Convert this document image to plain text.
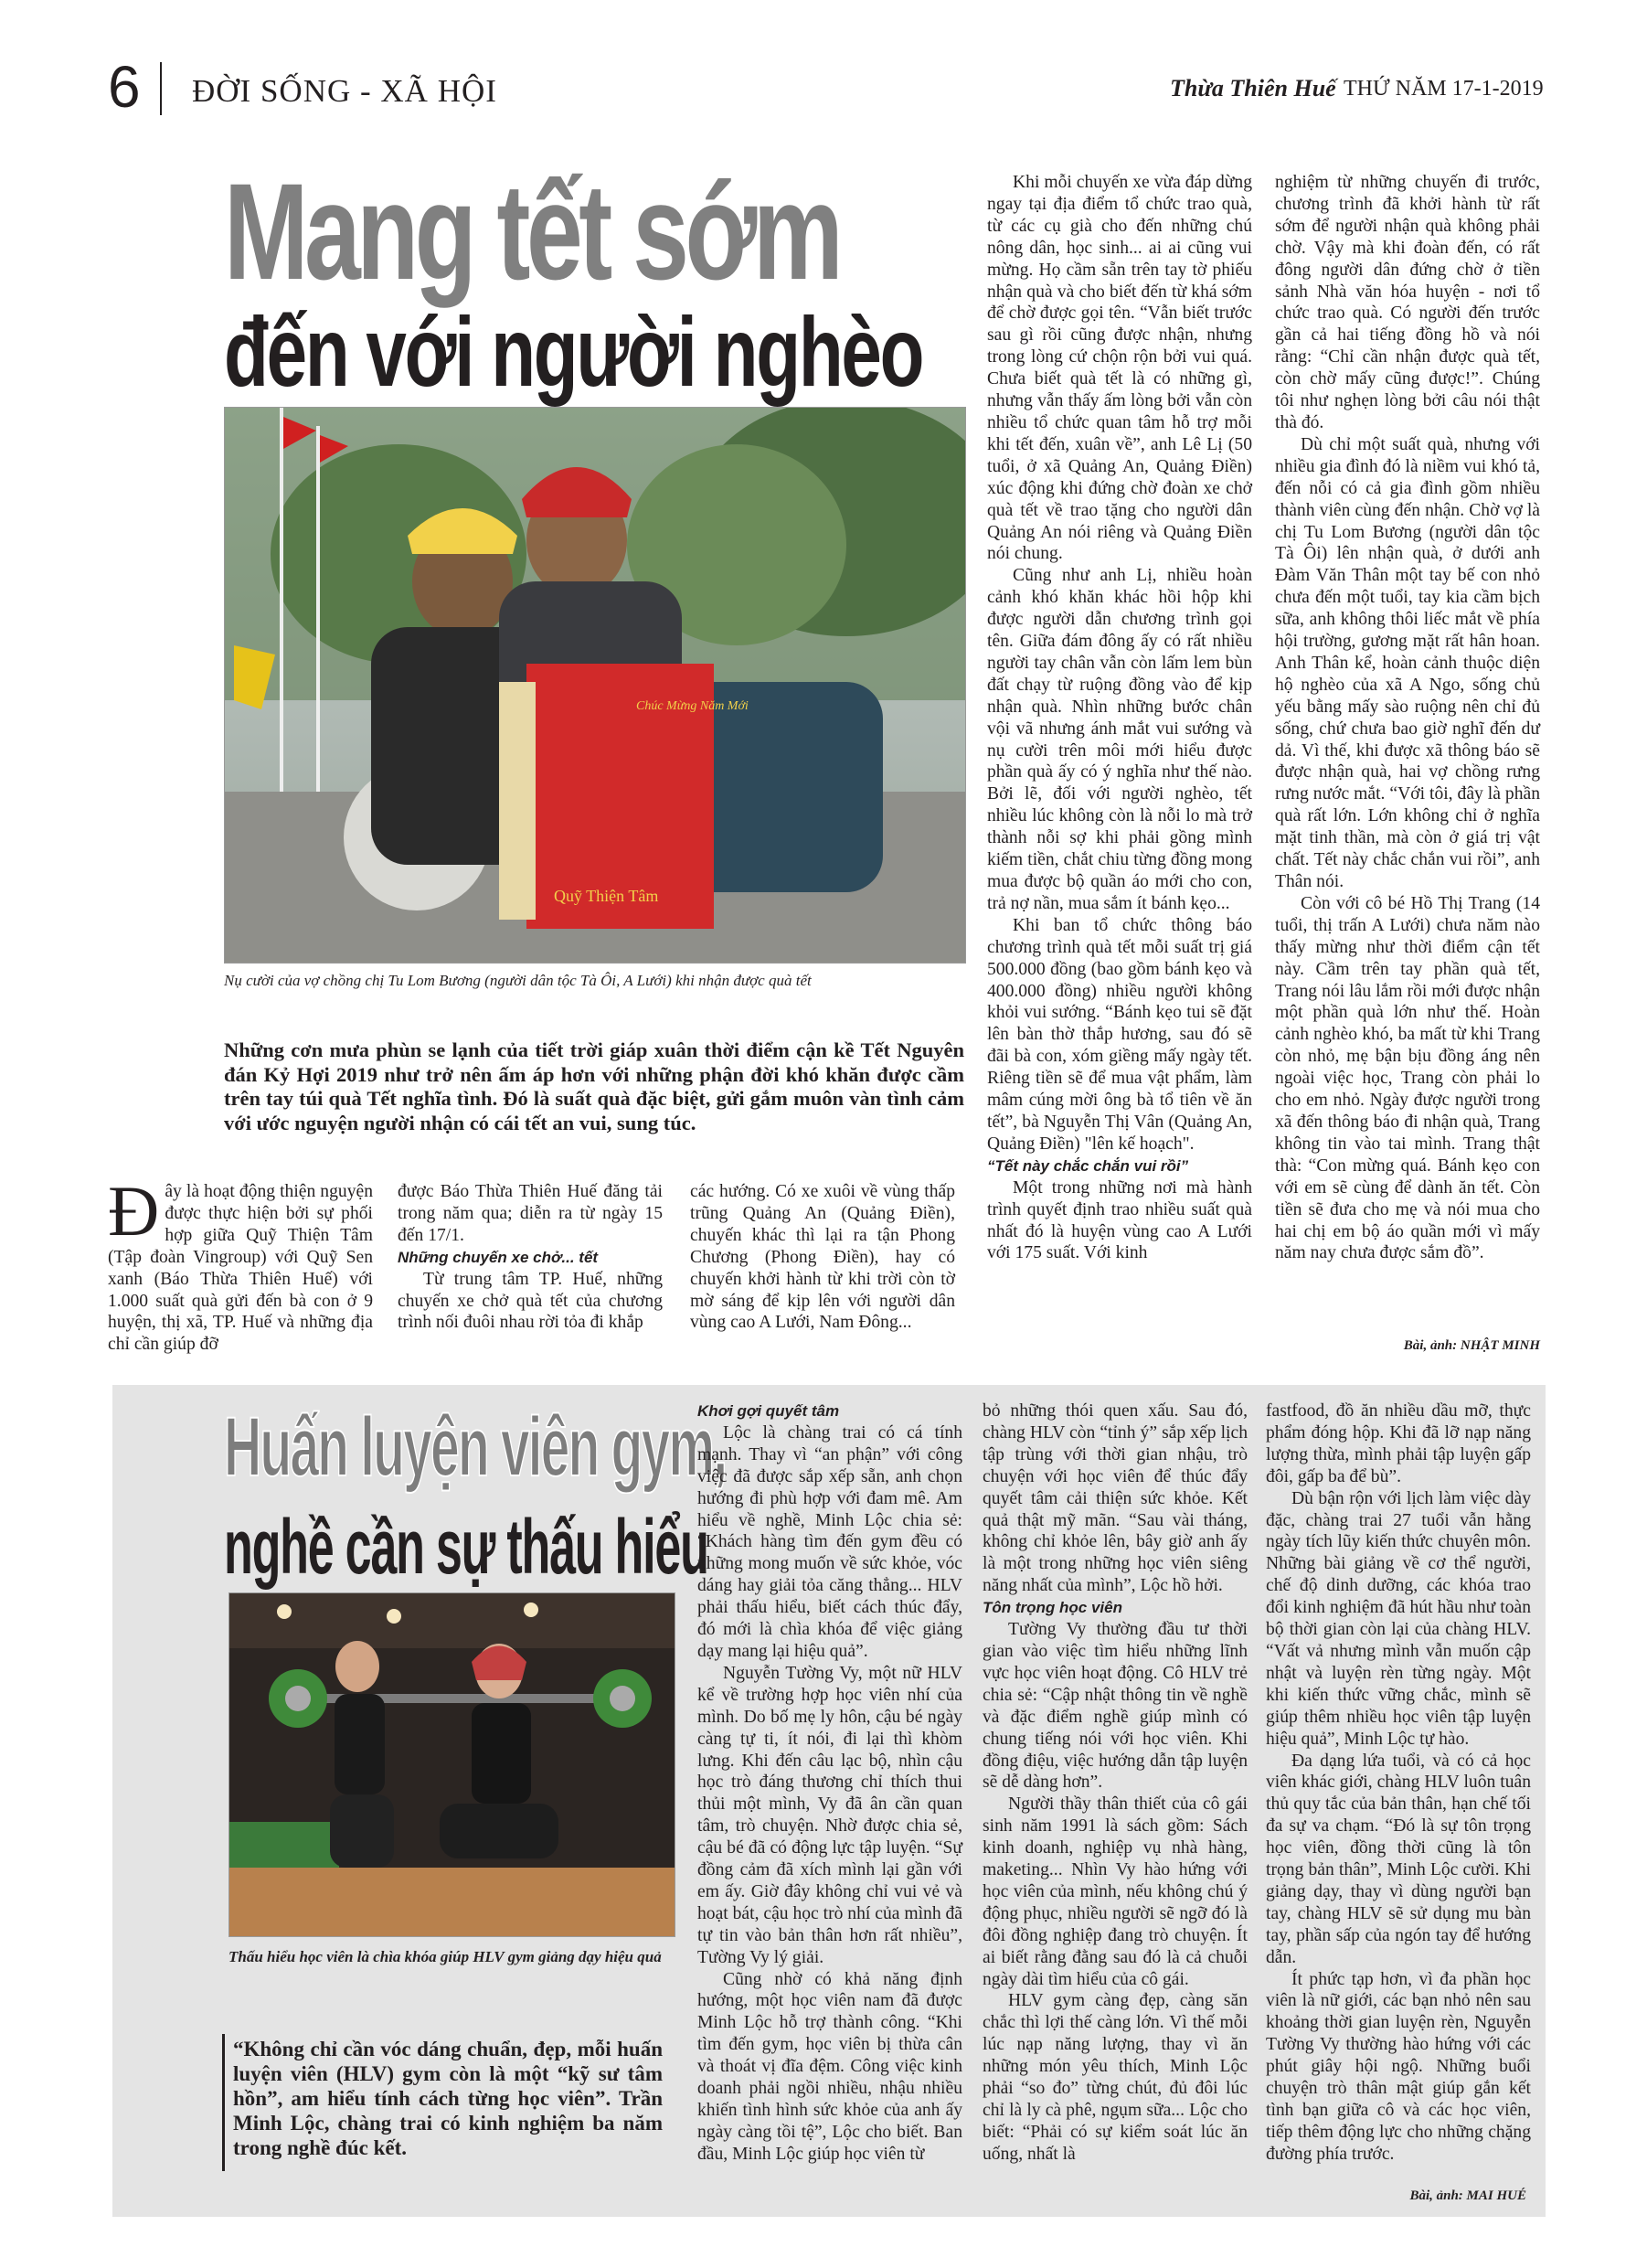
6 ĐỜI SỐNG - XÃ HỘI	Thừa Thiên Huế THỨ NĂM 17-1-2019
Mang tết sớm
đến với người nghèo
Quỹ Thiện Tâm
Chúc Mừng Năm Mới
Nụ cười của vợ chồng chị Tu Lom Bương (người dân tộc Tà Ôi, A Lưới) khi nhận được quà tết
Những cơn mưa phùn se lạnh của tiết trời giáp xuân thời điểm cận kề Tết Nguyên đán Kỷ Hợi 2019 như trở nên ấm áp hơn với những phận đời khó khăn được cầm trên tay túi quà Tết nghĩa tình. Đó là suất quà đặc biệt, gửi gắm muôn vàn tình cảm với ước nguyện người nhận có cái tết an vui, sung túc.

Đây là hoạt động thiện nguyện được thực hiện bởi sự phối hợp giữa Quỹ Thiện Tâm (Tập đoàn Vingroup) với Quỹ Sen xanh (Báo Thừa Thiên Huế) với 1.000 suất quà gửi đến bà con ở 9 huyện, thị xã, TP. Huế và những địa chỉ cần giúp đỡ

được Báo Thừa Thiên Huế đăng tải trong năm qua; diễn ra từ ngày 15 đến 17/1.

Những chuyến xe chở... tết

Từ trung tâm TP. Huế, những chuyến xe chở quà tết của chương trình nối đuôi nhau rời tỏa đi khắp

các hướng. Có xe xuôi về vùng thấp trũng Quảng An (Quảng Điền), chuyến khác thì lại ra tận Phong Chương (Phong Điền), hay có chuyến khởi hành từ khi trời còn tờ mờ sáng để kịp lên với người dân vùng cao A Lưới, Nam Đông...

Khi mỗi chuyến xe vừa đáp dừng ngay tại địa điểm tổ chức trao quà, từ các cụ già cho đến những chú nông dân, học sinh... ai ai cũng vui mừng. Họ cầm sẵn trên tay tờ phiếu nhận quà và cho biết đến từ khá sớm để chờ được gọi tên. “Vẫn biết trước sau gì rồi cũng được nhận, nhưng trong lòng cứ chộn rộn bởi vui quá. Chưa biết quà tết là có những gì, nhưng vẫn thấy ấm lòng bởi vẫn còn nhiều tổ chức quan tâm hỗ trợ mỗi khi tết đến, xuân về”, anh Lê Lị (50 tuổi, ở xã Quảng An, Quảng Điền) xúc động khi đứng chờ đoàn xe chở quà tết về trao tặng cho người dân Quảng An nói riêng và Quảng Điền nói chung.

Cũng như anh Lị, nhiều hoàn cảnh khó khăn khác hồi hộp khi được người dẫn chương trình gọi tên. Giữa đám đông ấy có rất nhiều người tay chân vẫn còn lấm lem bùn đất chạy từ ruộng đồng vào để kịp nhận quà. Nhìn những bước chân vội vã nhưng ánh mắt vui sướng và nụ cười trên môi mới hiểu được phần quà ấy có ý nghĩa như thế nào. Bởi lẽ, đối với người nghèo, tết nhiều lúc không còn là nỗi lo mà trở thành nỗi sợ khi phải gồng mình kiếm tiền, chắt chiu từng đồng mong mua được bộ quần áo mới cho con, trả nợ nần, mua sắm ít bánh kẹo...

Khi ban tổ chức thông báo chương trình quà tết mỗi suất trị giá 500.000 đồng (bao gồm bánh kẹo và 400.000 đồng) nhiều người không khỏi vui sướng. “Bánh kẹo tui sẽ đặt lên bàn thờ thắp hương, sau đó sẽ đãi bà con, xóm giềng mấy ngày tết. Riêng tiền sẽ để mua vật phẩm, làm mâm cúng mời ông bà tổ tiên về ăn tết”, bà Nguyễn Thị Vân (Quảng An, Quảng Điền) "lên kế hoạch".

“Tết này chắc chắn vui rồi”

Một trong những nơi mà hành trình quyết định trao nhiều suất quà nhất đó là huyện vùng cao A Lưới với 175 suất. Với kinh

nghiệm từ những chuyến đi trước, chương trình đã khởi hành từ rất sớm để người nhận quà không phải chờ. Vậy mà khi đoàn đến, có rất đông người dân đứng chờ ở tiền sảnh Nhà văn hóa huyện - nơi tổ chức trao quà. Có người đến trước gần cả hai tiếng đồng hồ và nói rằng: “Chỉ cần nhận được quà tết, còn chờ mấy cũng được!”. Chúng tôi như nghẹn lòng bởi câu nói thật thà đó.

Dù chỉ một suất quà, nhưng với nhiều gia đình đó là niềm vui khó tả, đến nỗi có cả gia đình gồm nhiều thành viên cùng đến nhận. Chờ vợ là chị Tu Lom Bương (người dân tộc Tà Ôi) lên nhận quà, ở dưới anh Đàm Văn Thân một tay bế con nhỏ chưa đến một tuổi, tay kia cầm bịch sữa, anh không thôi liếc mắt về phía hội trường, gương mặt rất hân hoan. Anh Thân kể, hoàn cảnh thuộc diện hộ nghèo của xã A Ngo, sống chủ yếu bằng mấy sào ruộng nên chỉ đủ sống, chứ chưa bao giờ nghĩ đến dư dả. Vì thế, khi được xã thông báo sẽ được nhận quà, hai vợ chồng rưng rưng nước mắt. “Với tôi, đây là phần quà rất lớn. Lớn không chỉ ở nghĩa mặt tinh thần, mà còn ở giá trị vật chất. Tết này chắc chắn vui rồi”, anh Thân nói.

Còn với cô bé Hồ Thị Trang (14 tuổi, thị trấn A Lưới) chưa năm nào thấy mừng như thời điểm cận tết này. Cầm trên tay phần quà tết, Trang nói lâu lắm rồi mới được nhận một phần quà lớn như thế. Hoàn cảnh nghèo khó, ba mất từ khi Trang còn nhỏ, mẹ bận bịu đồng áng nên ngoài việc học, Trang còn phải lo cho em nhỏ. Ngày được người trong xã đến thông báo đi nhận quà, Trang không tin vào tai mình. Trang thật thà: “Con mừng quá. Bánh kẹo con với em sẽ cùng để dành ăn tết. Còn tiền sẽ đưa cho mẹ và nói mua cho hai chị em bộ áo quần mới vì mấy năm nay chưa được sắm đồ”.

Bài, ảnh: NHẬT MINH
Huấn luyện viên gym,
nghề cần sự thấu hiểu
Thấu hiểu học viên là chìa khóa giúp HLV gym giảng dạy hiệu quả
“Không chỉ cần vóc dáng chuẩn, đẹp, mỗi huấn luyện viên (HLV) gym còn là một “kỹ sư tâm hồn”, am hiểu tính cách từng học viên”. Trần Minh Lộc, chàng trai có kinh nghiệm ba năm trong nghề đúc kết.

Khơi gợi quyết tâm

Lộc là chàng trai có cá tính mạnh. Thay vì “an phận” với công việc đã được sắp xếp sẵn, anh chọn hướng đi phù hợp với đam mê. Am hiểu về nghề, Minh Lộc chia sẻ: “Khách hàng tìm đến gym đều có những mong muốn về sức khỏe, vóc dáng hay giải tỏa căng thẳng... HLV phải thấu hiểu, biết cách thúc đẩy, đó mới là chìa khóa để việc giảng dạy mang lại hiệu quả”.

Nguyễn Tường Vy, một nữ HLV kể về trường hợp học viên nhí của mình. Do bố mẹ ly hôn, cậu bé ngày càng tự ti, ít nói, đi lại thì khòm lưng. Khi đến câu lạc bộ, nhìn cậu học trò đáng thương chỉ thích thui thủi một mình, Vy đã ân cần quan tâm, trò chuyện. Nhờ được chia sẻ, cậu bé đã có động lực tập luyện. “Sự đồng cảm đã xích mình lại gần với em ấy. Giờ đây không chỉ vui vẻ và hoạt bát, cậu học trò nhí của mình đã tự tin vào bản thân hơn rất nhiều”, Tường Vy lý giải.

Cũng nhờ có khả năng định hướng, một học viên nam đã được Minh Lộc hỗ trợ thành công. “Khi tìm đến gym, học viên bị thừa cân và thoát vị đĩa đệm. Công việc kinh doanh phải ngồi nhiều, nhậu nhiều khiến tình hình sức khỏe của anh ấy ngày càng tồi tệ”, Lộc cho biết. Ban đầu, Minh Lộc giúp học viên từ

bỏ những thói quen xấu. Sau đó, chàng HLV còn “tỉnh ý” sắp xếp lịch tập trùng với thời gian nhậu, trò chuyện với học viên để thúc đẩy quyết tâm cải thiện sức khỏe. Kết quả thật mỹ mãn. “Sau vài tháng, không chỉ khỏe lên, bây giờ anh ấy là một trong những học viên siêng năng nhất của mình”, Lộc hồ hởi.

Tôn trọng học viên

Tường Vy thường đầu tư thời gian vào việc tìm hiểu những lĩnh vực học viên hoạt động. Cô HLV trẻ chia sẻ: “Cập nhật thông tin về nghề và đặc điểm nghề giúp mình có chung tiếng nói với học viên. Khi đồng điệu, việc hướng dẫn tập luyện sẽ dễ dàng hơn”.

Người thầy thân thiết của cô gái sinh năm 1991 là sách gồm: Sách kinh doanh, nghiệp vụ nhà hàng, maketing... Nhìn Vy hào hứng với học viên của mình, nếu không chú ý động phục, nhiều người sẽ ngỡ đó là đôi đồng nghiệp đang trò chuyện. Ít ai biết rằng đằng sau đó là cả chuỗi ngày dài tìm hiểu của cô gái.

HLV gym càng đẹp, càng săn chắc thì lợi thế càng lớn. Vì thế mỗi lúc nạp năng lượng, thay vì ăn những món yêu thích, Minh Lộc phải “so đo” từng chút, đủ đôi lúc chỉ là ly cà phê, ngụm sữa... Lộc cho biết: “Phải có sự kiểm soát lúc ăn uống, nhất là

fastfood, đồ ăn nhiều dầu mỡ, thực phẩm đóng hộp. Khi đã lỡ nạp năng lượng thừa, mình phải tập luyện gấp đôi, gấp ba để bù”.

Dù bận rộn với lịch làm việc dày đặc, chàng trai 27 tuổi vẫn hằng ngày tích lũy kiến thức chuyên môn. Những bài giảng về cơ thể người, chế độ dinh dưỡng, các khóa trao đổi kinh nghiệm đã hút hầu như toàn bộ thời gian còn lại của chàng HLV. “Vất vả nhưng mình vẫn muốn cập nhật và luyện rèn từng ngày. Một khi kiến thức vững chắc, mình sẽ giúp thêm nhiều học viên tập luyện hiệu quả”, Minh Lộc tự hào.

Đa dạng lứa tuổi, và có cả học viên khác giới, chàng HLV luôn tuân thủ quy tắc của bản thân, hạn chế tối đa sự va chạm. “Đó là sự tôn trọng học viên, đồng thời cũng là tôn trọng bản thân”, Minh Lộc cười. Khi giảng dạy, thay vì dùng người bạn tay, chàng HLV sẽ sử dụng mu bàn tay, phần sấp của ngón tay để hướng dẫn.

Ít phức tạp hơn, vì đa phần học viên là nữ giới, các bạn nhỏ nên sau khoảng thời gian luyện rèn, Nguyễn Tường Vy thường hào hứng với các phút giây hội ngộ. Những buổi chuyện trò thân mật giúp gắn kết tình bạn giữa cô và các học viên, tiếp thêm động lực cho những chặng đường phía trước.

Bài, ảnh: MAI HUÉ
